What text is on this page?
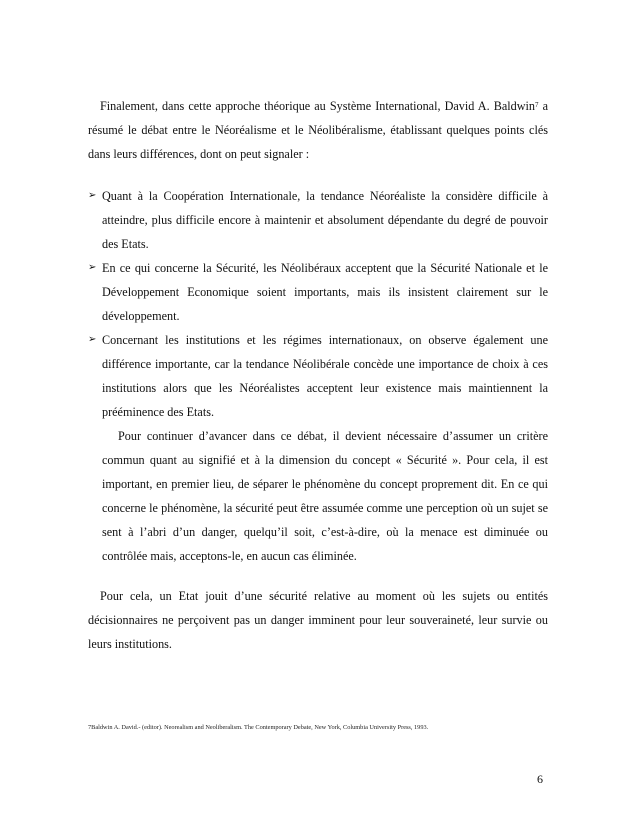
Finalement, dans cette approche théorique au Système International, David A. Baldwin$^7$ a résumé le débat entre le Néoréalisme et le Néolibéralisme, établissant quelques points clés dans leurs différences, dont on peut signaler :

➢ Quant à la Coopération Internationale, la tendance Néoréaliste la considère difficile à atteindre, plus difficile encore à maintenir et absolument dépendante du degré de pouvoir des Etats.
➢ En ce qui concerne la Sécurité, les Néolibéraux acceptent que la Sécurité Nationale et le Développement Economique soient importants, mais ils insistent clairement sur le développement.
➢ Concernant les institutions et les régimes internationaux, on observe également une différence importante, car la tendance Néolibérale concède une importance de choix à ces institutions alors que les Néoréalistes acceptent leur existence mais maintiennent la prééminence des Etats.

Pour continuer d’avancer dans ce débat, il devient nécessaire d’assumer un critère commun quant au signifié et à la dimension du concept « Sécurité ». Pour cela, il est important, en premier lieu, de séparer le phénomène du concept proprement dit. En ce qui concerne le phénomène, la sécurité peut être assumée comme une perception où un sujet se sent à l’abri d’un danger, quelqu’il soit, c’est-à-dire, où la menace est diminuée ou contrôlée mais, acceptons-le, en aucun cas éliminée.

Pour cela, un Etat jouit d’une sécurité relative au moment où les sujets ou entités décisionnaires ne perçoivent pas un danger imminent pour leur souveraineté, leur survie ou leurs institutions.

7Baldwin A. David.- (editor). Neorealism and Neoliberalism. The Contemporary Debate, New York, Columbia University Press, 1993.

6
